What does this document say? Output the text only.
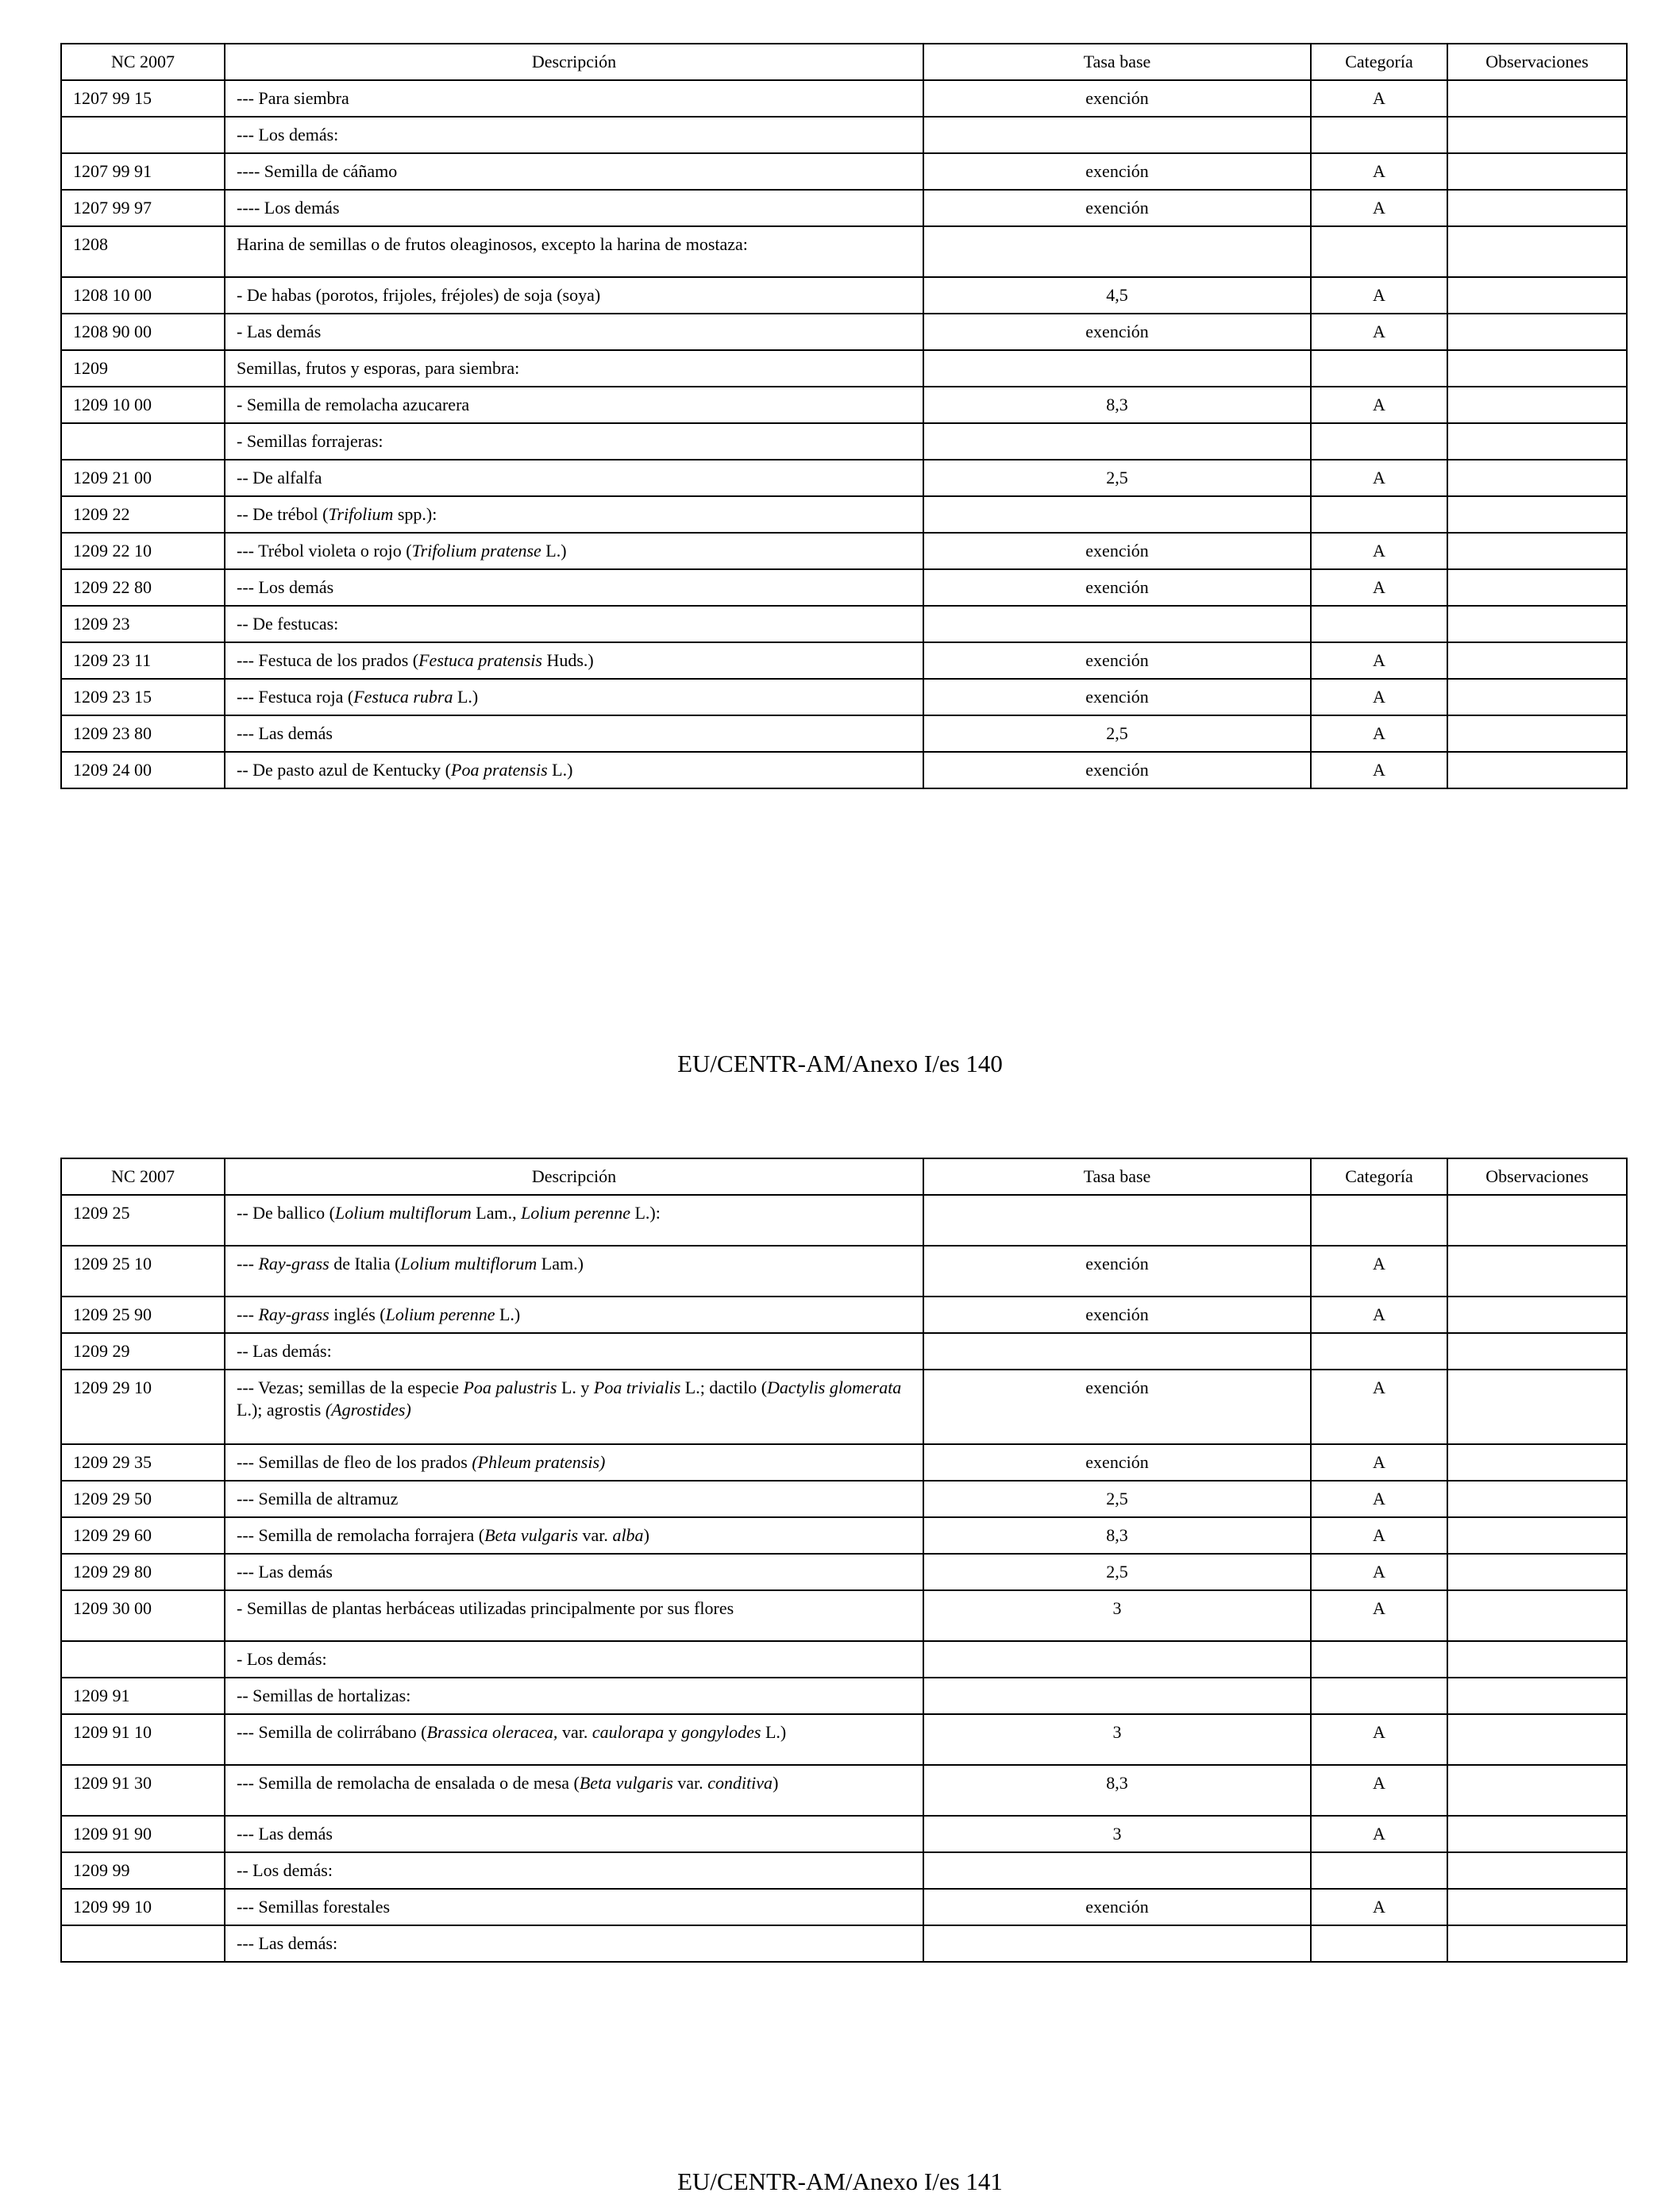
NC 2007	Descripción	Tasa base	Categoría	Observaciones
1207 99 15	--- Para siembra	exención	A	
	--- Los demás:			
1207 99 91	---- Semilla de cáñamo	exención	A	
1207 99 97	---- Los demás	exención	A	
1208	Harina de semillas o de frutos oleaginosos, excepto la harina de mostaza:			
1208 10 00	- De habas (porotos, frijoles, fréjoles) de soja (soya)	4,5	A	
1208 90 00	- Las demás	exención	A	
1209	Semillas, frutos y esporas, para siembra:			
1209 10 00	- Semilla de remolacha azucarera	8,3	A	
	- Semillas forrajeras:			
1209 21 00	-- De alfalfa	2,5	A	
1209 22	-- De trébol (Trifolium spp.):			
1209 22 10	--- Trébol violeta o rojo (Trifolium pratense L.)	exención	A	
1209 22 80	--- Los demás	exención	A	
1209 23	-- De festucas:			
1209 23 11	--- Festuca de los prados (Festuca pratensis Huds.)	exención	A	
1209 23 15	--- Festuca roja (Festuca rubra L.)	exención	A	
1209 23 80	--- Las demás	2,5	A	
1209 24 00	-- De pasto azul de Kentucky (Poa pratensis L.)	exención	A	
EU/CENTR-AM/Anexo I/es 140
NC 2007	Descripción	Tasa base	Categoría	Observaciones
1209 25	-- De ballico (Lolium multiflorum Lam., Lolium perenne L.):			
1209 25 10	--- Ray-grass de Italia (Lolium multiflorum Lam.)	exención	A	
1209 25 90	--- Ray-grass inglés (Lolium perenne L.)	exención	A	
1209 29	-- Las demás:			
1209 29 10	--- Vezas; semillas de la especie Poa palustris L. y Poa trivialis L.; dactilo (Dactylis glomerata L.); agrostis (Agrostides)	exención	A	
1209 29 35	--- Semillas de fleo de los prados (Phleum pratensis)	exención	A	
1209 29 50	--- Semilla de altramuz	2,5	A	
1209 29 60	--- Semilla de remolacha forrajera (Beta vulgaris var. alba)	8,3	A	
1209 29 80	--- Las demás	2,5	A	
1209 30 00	- Semillas de plantas herbáceas utilizadas principalmente por sus flores	3	A	
	- Los demás:			
1209 91	-- Semillas de hortalizas:			
1209 91 10	--- Semilla de colirrábano (Brassica oleracea, var. caulorapa y gongylodes L.)	3	A	
1209 91 30	--- Semilla de remolacha de ensalada o de mesa (Beta vulgaris var. conditiva)	8,3	A	
1209 91 90	--- Las demás	3	A	
1209 99	-- Los demás:			
1209 99 10	--- Semillas forestales	exención	A	
	--- Las demás:			
EU/CENTR-AM/Anexo I/es 141
